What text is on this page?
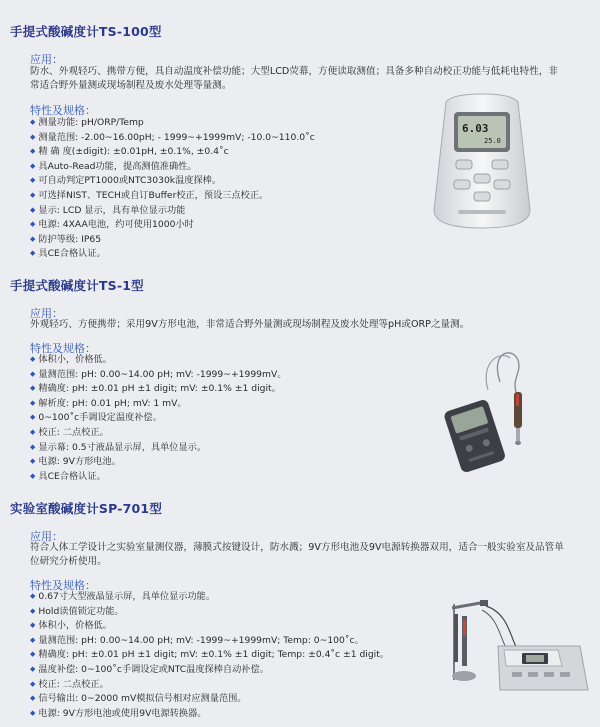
手提式酸碱度计TS-100型
应用：
防水、外观轻巧、携带方便，具自动温度补偿功能；大型LCD荧幕，方便读取测值；具备多种自动校正功能与低耗电特性，非
常适合野外量测或现场制程及废水处理等量测。
特性及规格：
◆ 测量功能: pH/ORP/Temp
◆ 测量范围: -2.00~16.00pH; - 1999~+1999mV; -10.0~110.0˚c
◆ 精 确 度(±digit): ±0.01pH, ±0.1%, ±0.4˚c
◆ 具Auto-Read功能，提高测值准确性。
◆ 可自动判定PT1000或NTC3030k温度探棒。
◆ 可选择NIST、TECH或自订Buffer校正，预设三点校正。
◆ 显示: LCD 显示，具有单位显示功能
◆ 电源: 4XAA电池，约可使用1000小时
◆ 防护等级: IP65
◆ 具CE合格认证。
6.03
25.0
手提式酸碱度计TS-1型
应用：
外观轻巧、方便携带；采用9V方形电池，非常适合野外量测或现场制程及废水处理等pH或ORP之量测。
特性及规格：
◆ 体积小，价格低。
◆ 量测范围: pH: 0.00~14.00 pH; mV: -1999~+1999mV。
◆ 精确度: pH: ±0.01 pH ±1 digit; mV: ±0.1% ±1 digit。
◆ 解析度: pH: 0.01 pH; mV: 1 mV。
◆ 0~100˚c手调设定温度补偿。
◆ 校正: 二点校正。
◆ 显示幕: 0.5寸液晶显示屏，具单位显示。
◆ 电源: 9V方形电池。
◆ 具CE合格认证。
实验室酸碱度计SP-701型
应用：
符合人体工学设计之实验室量测仪器，薄膜式按键设计，防水溅；9V方形电池及9V电源转换器双用，适合一般实验室及品管单
位研究分析使用。
特性及规格：
◆ 0.67寸大型液晶显示屏，具单位显示功能。
◆ Hold读值锁定功能。
◆ 体积小，价格低。
◆ 量测范围: pH: 0.00~14.00 pH; mV: -1999~+1999mV; Temp: 0~100˚c。
◆ 精确度: pH: ±0.01 pH ±1 digit; mV: ±0.1% ±1 digit; Temp: ±0.4˚c ±1 digit。
◆ 温度补偿: 0~100˚c手调设定或NTC温度探棒自动补偿。
◆ 校正: 二点校正。
◆ 信号输出: 0~2000 mV模拟信号相对应测量范围。
◆ 电源: 9V方形电池或使用9V电源转换器。
